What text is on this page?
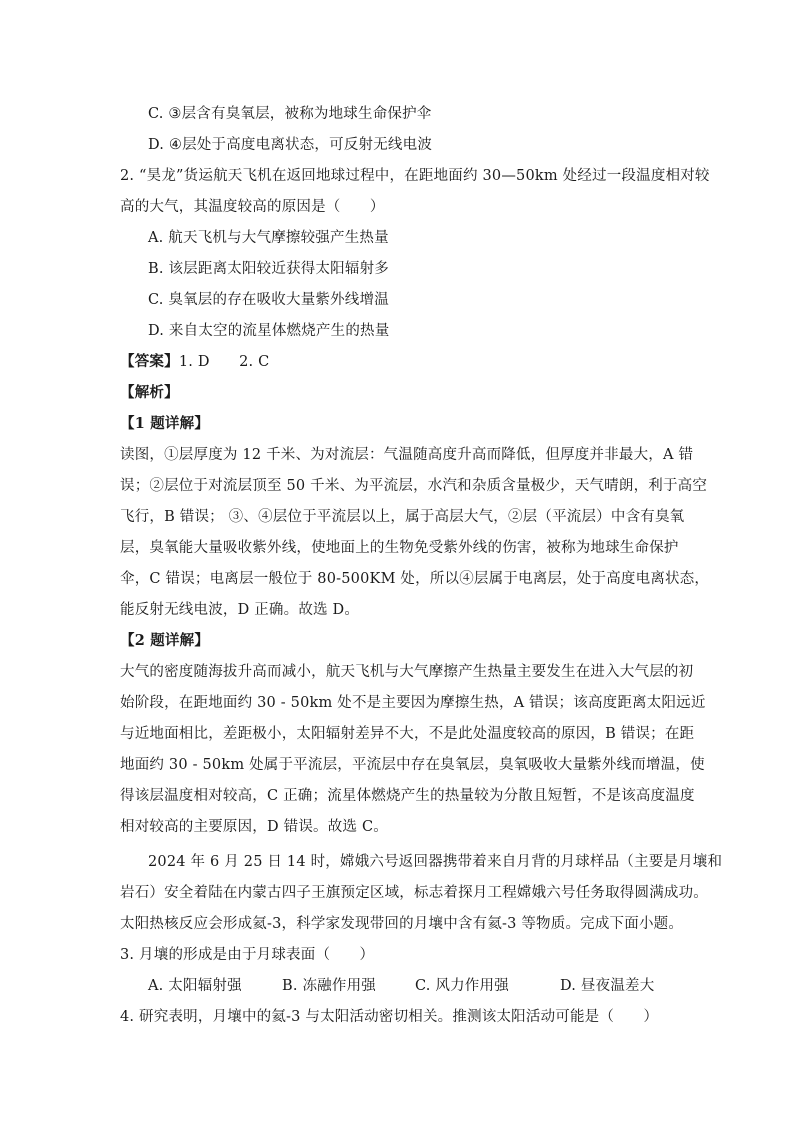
C. ③层含有臭氧层，被称为地球生命保护伞
D. ④层处于高度电离状态，可反射无线电波
2. “昊龙”货运航天飞机在返回地球过程中，在距地面约 30—50km 处经过一段温度相对较
高的大气，其温度较高的原因是（　　）
A. 航天飞机与大气摩擦较强产生热量
B. 该层距离太阳较近获得太阳辐射多
C. 臭氧层的存在吸收大量紫外线增温
D. 来自太空的流星体燃烧产生的热量
【答案】1. D　　2. C
【解析】
【1 题详解】
读图，①层厚度为 12 千米、为对流层：气温随高度升高而降低，但厚度并非最大，A 错
误；②层位于对流层顶至 50 千米、为平流层，水汽和杂质含量极少，天气晴朗，利于高空
飞行，B 错误； ③、④层位于平流层以上，属于高层大气，②层（平流层）中含有臭氧
层，臭氧能大量吸收紫外线，使地面上的生物免受紫外线的伤害，被称为地球生命保护
伞，C 错误；电离层一般位于 80-500KM 处，所以④层属于电离层，处于高度电离状态，
能反射无线电波，D 正确。故选 D。
【2 题详解】
大气的密度随海拔升高而减小，航天飞机与大气摩擦产生热量主要发生在进入大气层的初
始阶段，在距地面约 30 - 50km 处不是主要因为摩擦生热，A 错误；该高度距离太阳远近
与近地面相比，差距极小，太阳辐射差异不大，不是此处温度较高的原因，B 错误；在距
地面约 30 - 50km 处属于平流层，平流层中存在臭氧层，臭氧吸收大量紫外线而增温，使
得该层温度相对较高，C 正确；流星体燃烧产生的热量较为分散且短暂，不是该高度温度
相对较高的主要原因，D 错误。故选 C。
2024 年 6 月 25 日 14 时，嫦娥六号返回器携带着来自月背的月球样品（主要是月壤和
岩石）安全着陆在内蒙古四子王旗预定区域，标志着探月工程嫦娥六号任务取得圆满成功。
太阳热核反应会形成氦-3，科学家发现带回的月壤中含有氦-3 等物质。完成下面小题。
3. 月壤的形成是由于月球表面（　　）
A. 太阳辐射强	B. 冻融作用强	C. 风力作用强	D. 昼夜温差大
4. 研究表明，月壤中的氦-3 与太阳活动密切相关。推测该太阳活动可能是（　　）
